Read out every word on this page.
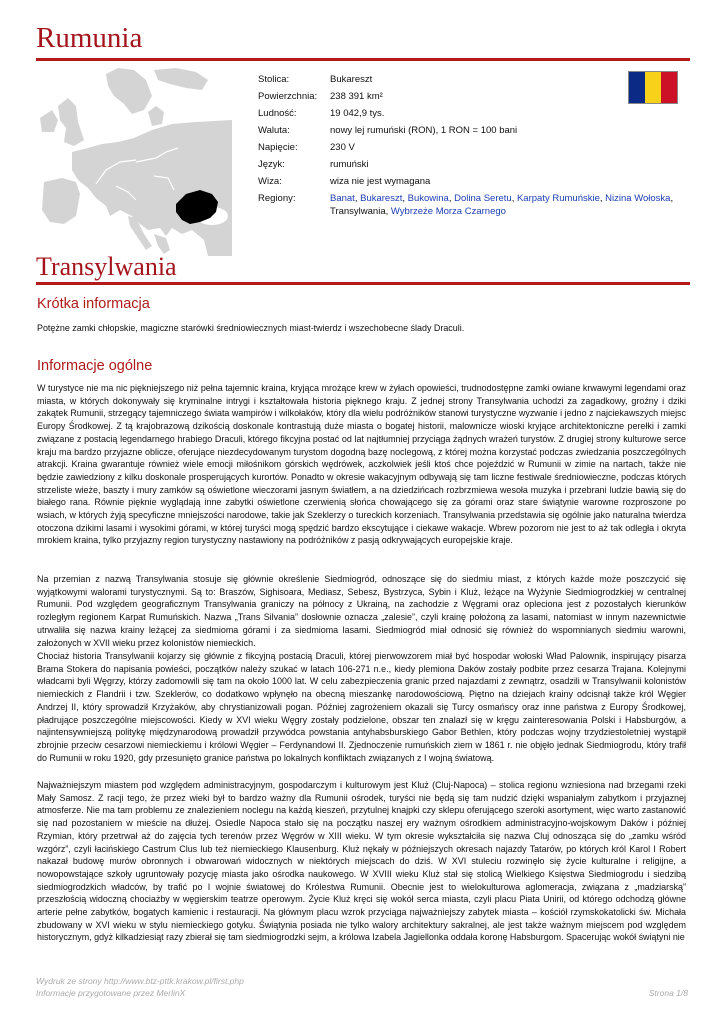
Rumunia
Stolica:	Bukareszt
Powierzchnia:	238 391 km²
Ludność:	19 042,9 tys.
Waluta:	nowy lej rumuński (RON), 1 RON = 100 bani
Napięcie:	230 V
Język:	rumuński
Wiza:	wiza nie jest wymagana
Regiony:	Banat, Bukareszt, Bukowina, Dolina Seretu, Karpaty Rumuńskie, Nizina Wołoska,
Transylwania, Wybrzeże Morza Czarnego
Transylwania
Krótka informacja

Potężne zamki chłopskie, magiczne starówki średniowiecznych miast-twierdz i wszechobecne ślady Draculi.

Informacje ogólne

W turystyce nie ma nic piękniejszego niż pełna tajemnic kraina, kryjąca mrożące krew w żyłach opowieści, trudnodostępne zamki owiane krwawymi legendami oraz miasta, w których dokonywały się kryminalne intrygi i kształtowała historia pięknego kraju. Z jednej strony Transylwania uchodzi za zagadkowy, groźny i dziki zakątek Rumunii, strzegący tajemniczego świata wampirów i wilkołaków, który dla wielu podróżników stanowi turystyczne wyzwanie i jedno z najciekawszych miejsc Europy Środkowej. Z tą krajobrazową dzikością doskonale kontrastują duże miasta o bogatej historii, malownicze wioski kryjące architektoniczne perełki i zamki związane z postacią legendarnego hrabiego Draculi, którego fikcyjna postać od lat najtłumniej przyciąga żądnych wrażeń turystów. Z drugiej strony kulturowe serce kraju ma bardzo przyjazne oblicze, oferujące niezdecydowanym turystom dogodną bazę noclegową, z której można korzystać podczas zwiedzania poszczególnych atrakcji. Kraina gwarantuje również wiele emocji miłośnikom górskich wędrówek, aczkolwiek jeśli ktoś chce pojeździć w Rumunii w zimie na nartach, także nie będzie zawiedziony z kilku doskonale prosperujących kurortów. Ponadto w okresie wakacyjnym odbywają się tam liczne festiwale średniowieczne, podczas których strzeliste wieże, baszty i mury zamków są oświetlone wieczorami jasnym światłem, a na dziedzińcach rozbrzmiewa wesoła muzyka i przebrani ludzie bawią się do białego rana. Równie pięknie wyglądają inne zabytki oświetlone czerwienią słońca chowającego się za górami oraz stare świątynie warowne rozproszone po wsiach, w których żyją specyficzne mniejszości narodowe, takie jak Szeklerzy o tureckich korzeniach. Transylwania przedstawia się ogólnie jako naturalna twierdza otoczona dzikimi lasami i wysokimi górami, w której turyści mogą spędzić bardzo ekscytujące i ciekawe wakacje. Wbrew pozorom nie jest to aż tak odległa i okryta mrokiem kraina, tylko przyjazny region turystyczny nastawiony na podróżników z pasją odkrywających europejskie kraje.

Na przemian z nazwą Transylwania stosuje się głównie określenie Siedmiogród, odnoszące się do siedmiu miast, z których każde może poszczycić się wyjątkowymi walorami turystycznymi. Są to: Braszów, Sighisoara, Mediasz, Sebesz, Bystrzyca, Sybin i Kluż, leżące na Wyżynie Siedmiogrodzkiej w centralnej Rumunii. Pod względem geograficznym Transylwania graniczy na północy z Ukrainą, na zachodzie z Węgrami oraz opleciona jest z pozostałych kierunków rozległym regionem Karpat Rumuńskich. Nazwa „Trans Silvania” dosłownie oznacza „zalesie”, czyli krainę położoną za lasami, natomiast w innym nazewnictwie utrwaliła się nazwa krainy leżącej za siedmioma górami i za siedmioma lasami. Siedmiogród miał odnosić się również do wspomnianych siedmiu warowni, założonych w XVII wieku przez kolonistów niemieckich.

Chociaż historia Transylwanii kojarzy się głównie z fikcyjną postacią Draculi, której pierwowzorem miał być hospodar wołoski Wład Palownik, inspirujący pisarza Brama Stokera do napisania powieści, początków należy szukać w latach 106-271 n.e., kiedy plemiona Daków zostały podbite przez cesarza Trajana. Kolejnymi władcami byli Węgrzy, którzy zadomowili się tam na około 1000 lat. W celu zabezpieczenia granic przed najazdami z zewnątrz, osadzili w Transylwanii kolonistów niemieckich z Flandrii i tzw. Szeklerów, co dodatkowo wpłynęło na obecną mieszankę narodowościową. Piętno na dziejach krainy odcisnął także król Węgier Andrzej II, który sprowadził Krzyżaków, aby chrystianizowali pogan. Później zagrożeniem okazali się Turcy osmańscy oraz inne państwa z Europy Środkowej, pładrujące poszczególne miejscowości. Kiedy w XVI wieku Węgry zostały podzielone, obszar ten znalazł się w kręgu zainteresowania Polski i Habsburgów, a najintensywniejszą politykę międzynarodową prowadził przywódca powstania antyhabsburskiego Gabor Bethlen, który podczas wojny trzydziestoletniej wystąpił zbrojnie przeciw cesarzowi niemieckiemu i królowi Węgier – Ferdynandowi II. Zjednoczenie rumuńskich ziem w 1861 r. nie objęło jednak Siedmiogrodu, który trafił do Rumunii w roku 1920, gdy przesunięto granice państwa po lokalnych konfliktach związanych z I wojną światową.

Najważniejszym miastem pod względem administracyjnym, gospodarczym i kulturowym jest Kluż (Cluj-Napoca) – stolica regionu wzniesiona nad brzegami rzeki Mały Samosz. Z racji tego, że przez wieki był to bardzo ważny dla Rumunii ośrodek, turyści nie będą się tam nudzić dzięki wspaniałym zabytkom i przyjaznej atmosferze. Nie ma tam problemu ze znalezieniem noclegu na każdą kieszeń, przytulnej knajpki czy sklepu oferującego szeroki asortyment, więc warto zastanowić się nad pozostaniem w mieście na dłużej. Osiedle Napoca stało się na początku naszej ery ważnym ośrodkiem administracyjno-wojskowym Daków i później Rzymian, który przetrwał aż do zajęcia tych terenów przez Węgrów w XIII wieku. W tym okresie wykształciła się nazwa Cluj odnosząca się do „zamku wśród wzgórz”, czyli łacińskiego Castrum Clus lub też niemieckiego Klausenburg. Kluż nękały w późniejszych okresach najazdy Tatarów, po których król Karol I Robert nakazał budowę murów obronnych i obwarowań widocznych w niektórych miejscach do dziś. W XVI stuleciu rozwinęło się życie kulturalne i religijne, a nowopowstające szkoły ugruntowały pozycję miasta jako ośrodka naukowego. W XVIII wieku Kluż stał się stolicą Wielkiego Księstwa Siedmiogrodu i siedzibą siedmiogrodzkich władców, by trafić po I wojnie światowej do Królestwa Rumunii. Obecnie jest to wielokulturowa aglomeracja, związana z „madziarską” przeszłością widoczną chociażby w węgierskim teatrze operowym. Życie Kluż kręci się wokół serca miasta, czyli placu Piata Unirii, od którego odchodzą główne arterie pełne zabytków, bogatych kamienic i restauracji. Na głównym placu wzrok przyciąga najważniejszy zabytek miasta – kościół rzymskokatolicki św. Michała zbudowany w XVI wieku w stylu niemieckiego gotyku. Świątynia posiada nie tylko walory architektury sakralnej, ale jest także ważnym miejscem pod względem historycznym, gdyż kilkadziesiąt razy zbierał się tam siedmiogrodzki sejm, a królowa Izabela Jagiellonka oddała koronę Habsburgom. Spacerując wokół świątyni nie

Wydruk ze strony http://www.btz-pttk.krakow.pl/first.php
Informacje przygotowane przez MerlinX	Strona 1/8
